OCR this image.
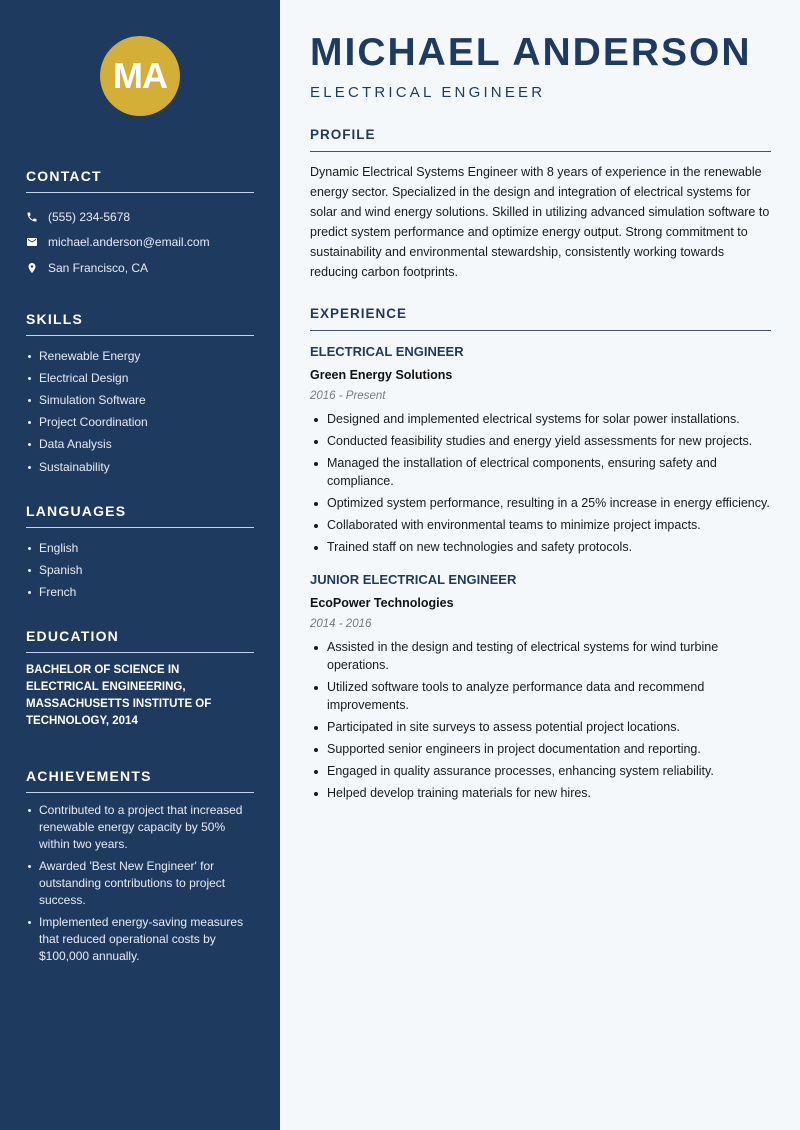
MA
CONTACT
(555) 234-5678
michael.anderson@email.com
San Francisco, CA
SKILLS
Renewable Energy
Electrical Design
Simulation Software
Project Coordination
Data Analysis
Sustainability
LANGUAGES
English
Spanish
French
EDUCATION

BACHELOR OF SCIENCE IN ELECTRICAL ENGINEERING, MASSACHUSETTS INSTITUTE OF TECHNOLOGY, 2014

ACHIEVEMENTS
Contributed to a project that increased renewable energy capacity by 50% within two years.
Awarded 'Best New Engineer' for outstanding contributions to project success.
Implemented energy-saving measures that reduced operational costs by $100,000 annually.
MICHAEL ANDERSON
ELECTRICAL ENGINEER
PROFILE

Dynamic Electrical Systems Engineer with 8 years of experience in the renewable energy sector. Specialized in the design and integration of electrical systems for solar and wind energy solutions. Skilled in utilizing advanced simulation software to predict system performance and optimize energy output. Strong commitment to sustainability and environmental stewardship, consistently working towards reducing carbon footprints.

EXPERIENCE
ELECTRICAL ENGINEER
Green Energy Solutions
2016 - Present
Designed and implemented electrical systems for solar power installations.
Conducted feasibility studies and energy yield assessments for new projects.
Managed the installation of electrical components, ensuring safety and compliance.
Optimized system performance, resulting in a 25% increase in energy efficiency.
Collaborated with environmental teams to minimize project impacts.
Trained staff on new technologies and safety protocols.
JUNIOR ELECTRICAL ENGINEER
EcoPower Technologies
2014 - 2016
Assisted in the design and testing of electrical systems for wind turbine operations.
Utilized software tools to analyze performance data and recommend improvements.
Participated in site surveys to assess potential project locations.
Supported senior engineers in project documentation and reporting.
Engaged in quality assurance processes, enhancing system reliability.
Helped develop training materials for new hires.
